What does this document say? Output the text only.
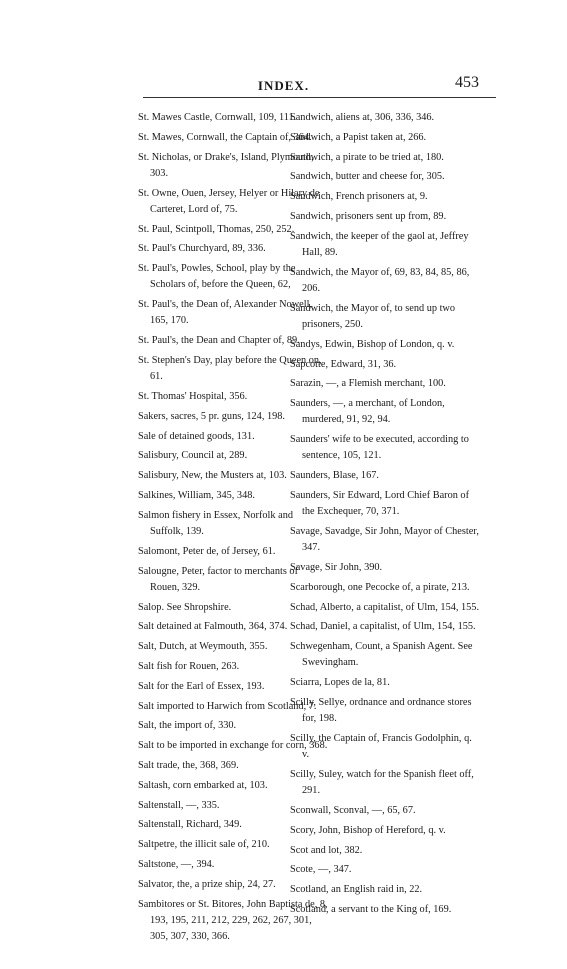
INDEX.	453

St. Mawes Castle, Cornwall, 109, 111.

St. Mawes, Cornwall, the Captain of, 364.

St. Nicholas, or Drake's, Island, Plymouth, 303.

St. Owne, Ouen, Jersey, Helyer or Hilary de Carteret, Lord of, 75.

St. Paul, Scintpoll, Thomas, 250, 252.

St. Paul's Churchyard, 89, 336.

St. Paul's, Powles, School, play by the Scholars of, before the Queen, 62,

St. Paul's, the Dean of, Alexander Nowell, 165, 170.

St. Paul's, the Dean and Chapter of, 89.

St. Stephen's Day, play before the Queen on, 61.

St. Thomas' Hospital, 356.

Sakers, sacres, 5 pr. guns, 124, 198.

Sale of detained goods, 131.

Salisbury, Council at, 289.

Salisbury, New, the Musters at, 103.

Salkines, William, 345, 348.

Salmon fishery in Essex, Norfolk and Suffolk, 139.

Salomont, Peter de, of Jersey, 61.

Salougne, Peter, factor to merchants of Rouen, 329.

Salop. See Shropshire.

Salt detained at Falmouth, 364, 374.

Salt, Dutch, at Weymouth, 355.

Salt fish for Rouen, 263.

Salt for the Earl of Essex, 193.

Salt imported to Harwich from Scotland, 7.

Salt, the import of, 330.

Salt to be imported in exchange for corn, 368.

Salt trade, the, 368, 369.

Saltash, corn embarked at, 103.

Saltenstall, —, 335.

Saltenstall, Richard, 349.

Saltpetre, the illicit sale of, 210.

Saltstone, —, 394.

Salvator, the, a prize ship, 24, 27.

Sambitores or St. Bitores, John Baptista de, 8, 193, 195, 211, 212, 229, 262, 267, 301, 305, 307, 330, 366.

Sandwich, aliens at, 306, 336, 346.

Sandwich, a Papist taken at, 266.

Sandwich, a pirate to be tried at, 180.

Sandwich, butter and cheese for, 305.

Sandwich, French prisoners at, 9.

Sandwich, prisoners sent up from, 89.

Sandwich, the keeper of the gaol at, Jeffrey Hall, 89.

Sandwich, the Mayor of, 69, 83, 84, 85, 86, 206.

Sandwich, the Mayor of, to send up two prisoners, 250.

Sandys, Edwin, Bishop of London, q. v.

Sapcotte, Edward, 31, 36.

Sarazin, —, a Flemish merchant, 100.

Saunders, —, a merchant, of London, murdered, 91, 92, 94.

Saunders' wife to be executed, according to sentence, 105, 121.

Saunders, Blase, 167.

Saunders, Sir Edward, Lord Chief Baron of the Exchequer, 70, 371.

Savage, Savadge, Sir John, Mayor of Chester, 347.

Savage, Sir John, 390.

Scarborough, one Pecocke of, a pirate, 213.

Schad, Alberto, a capitalist, of Ulm, 154, 155.

Schad, Daniel, a capitalist, of Ulm, 154, 155.

Schwegenham, Count, a Spanish Agent. See Swevingham.

Sciarra, Lopes de la, 81.

Scilly, Sellye, ordnance and ordnance stores for, 198.

Scilly, the Captain of, Francis Godolphin, q. v.

Scilly, Suley, watch for the Spanish fleet off, 291.

Sconwall, Sconval, —, 65, 67.

Scory, John, Bishop of Hereford, q. v.

Scot and lot, 382.

Scote, —, 347.

Scotland, an English raid in, 22.

Scotland, a servant to the King of, 169.
